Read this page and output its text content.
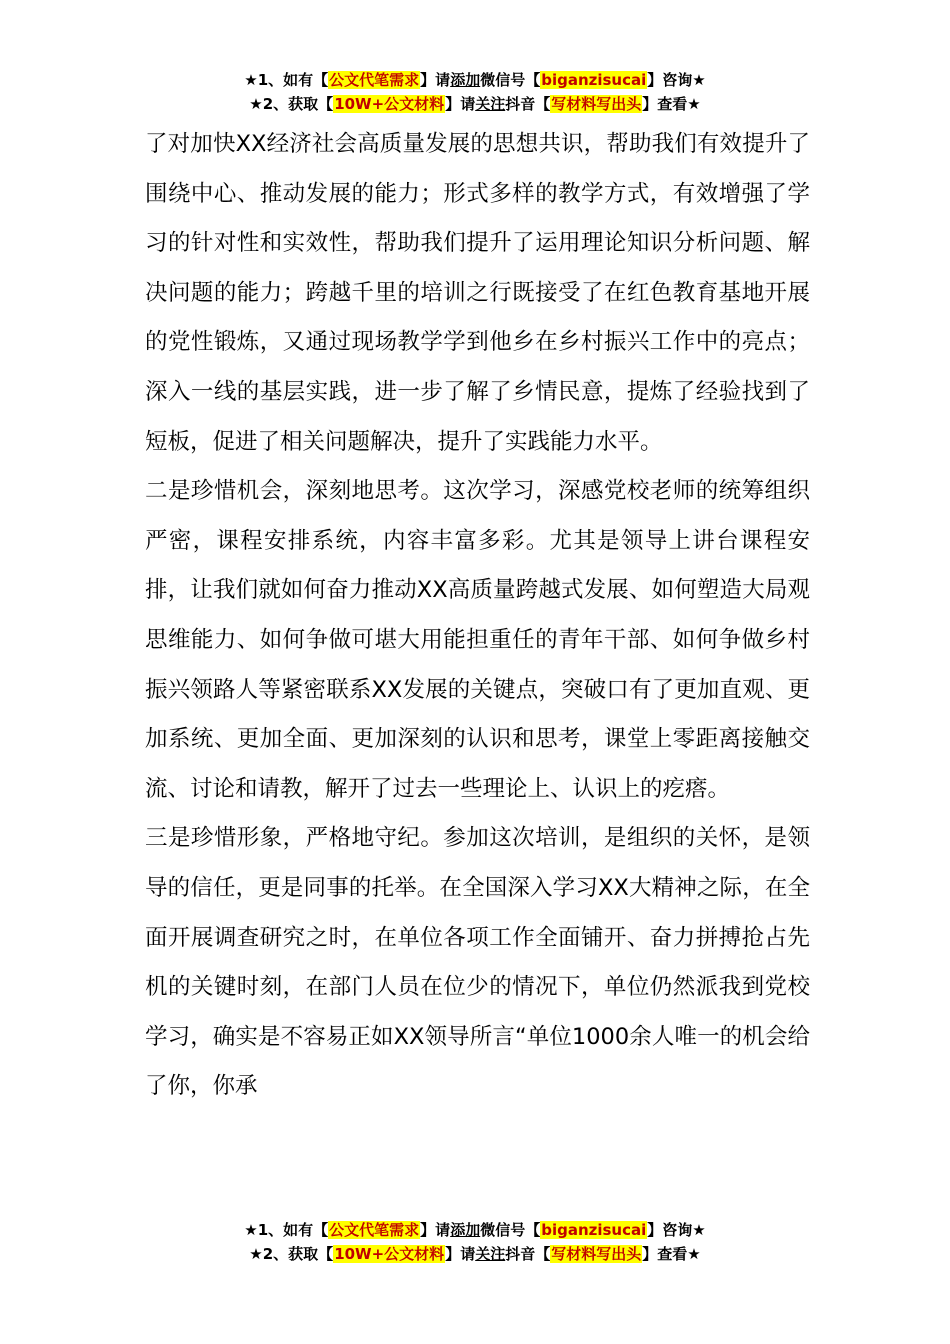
★1、如有【公文代笔需求】请添加微信号【biganzisucai】咨询★
★2、获取【10W+公文材料】请关注抖音【写材料写出头】查看★

了对加快XX经济社会高质量发展的思想共识，帮助我们有效提升了围绕中心、推动发展的能力；形式多样的教学方式，有效增强了学习的针对性和实效性，帮助我们提升了运用理论知识分析问题、解决问题的能力；跨越千里的培训之行既接受了在红色教育基地开展的党性锻炼，又通过现场教学学到他乡在乡村振兴工作中的亮点；深入一线的基层实践，进一步了解了乡情民意，提炼了经验找到了短板，促进了相关问题解决，提升了实践能力水平。

二是珍惜机会，深刻地思考。这次学习，深感党校老师的统筹组织严密，课程安排系统，内容丰富多彩。尤其是领导上讲台课程安排，让我们就如何奋力推动XX高质量跨越式发展、如何塑造大局观思维能力、如何争做可堪大用能担重任的青年干部、如何争做乡村振兴领路人等紧密联系XX发展的关键点，突破口有了更加直观、更加系统、更加全面、更加深刻的认识和思考，课堂上零距离接触交流、讨论和请教，解开了过去一些理论上、认识上的疙瘩。

三是珍惜形象，严格地守纪。参加这次培训，是组织的关怀，是领导的信任，更是同事的托举。在全国深入学习XX大精神之际，在全面开展调查研究之时，在单位各项工作全面铺开、奋力拼搏抢占先机的关键时刻，在部门人员在位少的情况下，单位仍然派我到党校学习，确实是不容易正如XX领导所言“单位1000余人唯一的机会给了你，你承

★1、如有【公文代笔需求】请添加微信号【biganzisucai】咨询★
★2、获取【10W+公文材料】请关注抖音【写材料写出头】查看★
